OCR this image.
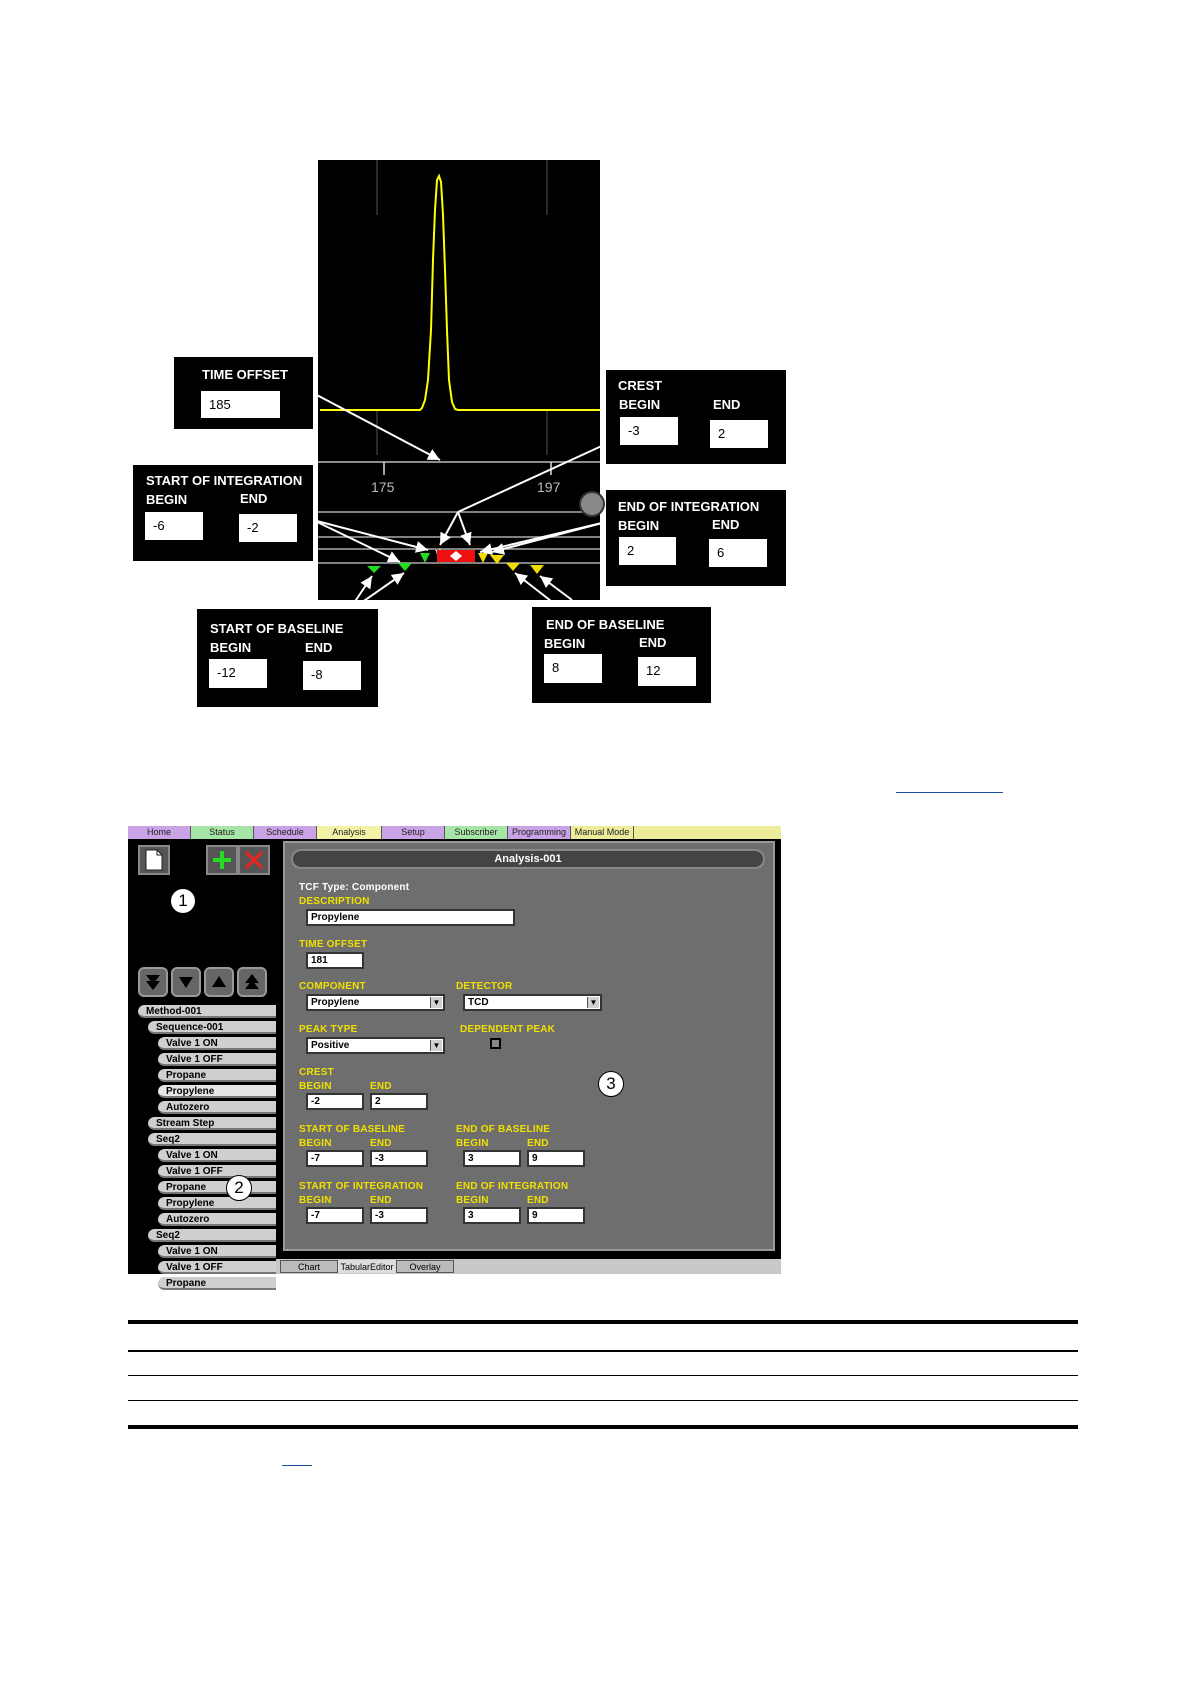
175	197
TIME OFFSET
185
CREST
BEGIN	END
-3	2
START OF INTEGRATION
BEGIN	END
-6	-2
END OF INTEGRATION
BEGIN	END
2	6
START OF BASELINE
BEGIN	END
-12	-8
END OF BASELINE
BEGIN	END
8	12
Home	Status	Schedule	Analysis	Setup	Subscriber	Programming Manual Mode
Method-001
Sequence-001
Valve 1 ON
Valve 1 OFF
Propane
Propylene
Autozero
Stream Step
Seq2
Valve 1 ON
Valve 1 OFF
Propane
Propylene
Autozero
Seq2
Valve 1 ON
Valve 1 OFF
Propane
Analysis-001
TCF Type: Component
DESCRIPTION
Propylene
TIME OFFSET
181
COMPONENT
Propylene	▼
DETECTOR
TCD	▼
PEAK TYPE
Positive	▼
DEPENDENT PEAK
CREST
BEGIN	END
-2	2
START OF BASELINE
BEGIN	END
-7	-3
END OF BASELINE
BEGIN	END
3	9
START OF INTEGRATION
BEGIN	END
-7	-3
END OF INTEGRATION
BEGIN	END
3	9
Chart	TabularEditor	Overlay
1
2
3
